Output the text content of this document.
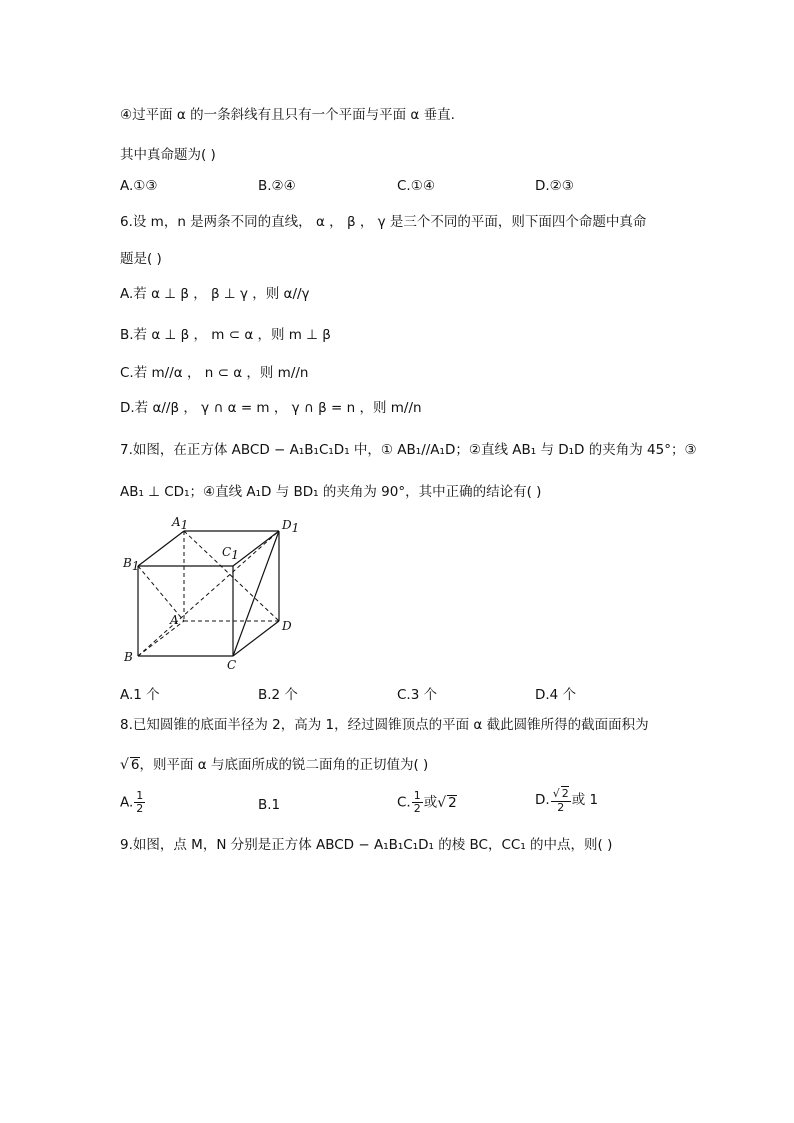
④过平面 α 的一条斜线有且只有一个平面与平面 α 垂直.
其中真命题为( )
A.①③	B.②④	C.①④	D.②③
6.设 m，n 是两条不同的直线， α ， β ， γ 是三个不同的平面，则下面四个命题中真命
题是( )
A.若 α ⊥ β ， β ⊥ γ ，则 α//γ
B.若 α ⊥ β ， m ⊂ α ，则 m ⊥ β
C.若 m//α ， n ⊂ α ，则 m//n
D.若 α//β ， γ ∩ α = m ， γ ∩ β = n ，则 m//n
7.如图，在正方体 ABCD − A₁B₁C₁D₁ 中，① AB₁//A₁D；②直线 AB₁ 与 D₁D 的夹角为 45°；③
AB₁ ⊥ CD₁；④直线 A₁D 与 BD₁ 的夹角为 90°，其中正确的结论有( )
A1	D1
B1
C1
A	D
B
C
A.1 个	B.2 个	C.3 个	D.4 个
8.已知圆锥的底面半径为 2，高为 1，经过圆锥顶点的平面 α 截此圆锥所得的截面面积为
√ 6，则平面 α 与底面所成的锐二面角的正切值为( )
A. $\frac{1}{2}$	B.1	C. $\frac{1}{2}$ 或√ 2	D. $\frac{√ 2}{2}$ 或 1
9.如图，点 M，N 分别是正方体 ABCD − A₁B₁C₁D₁ 的棱 BC，CC₁ 的中点，则( )
